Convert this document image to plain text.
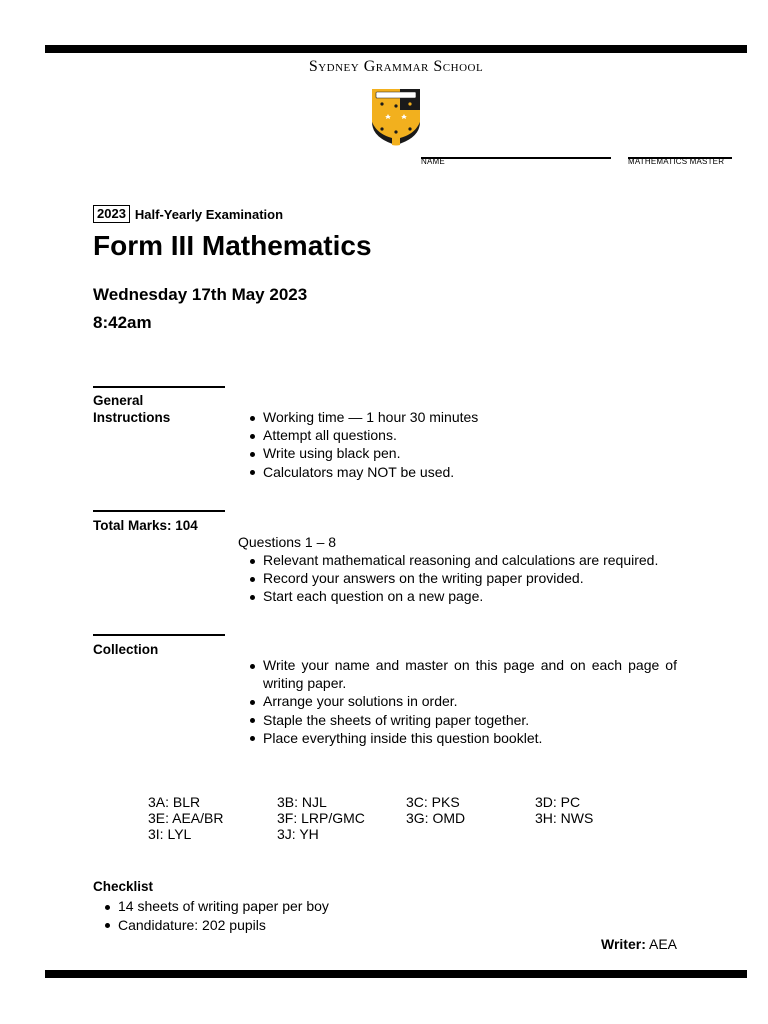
Sydney Grammar School
NAME	MATHEMATICS MASTER
2023 Half-Yearly Examination
Form III Mathematics
Wednesday 17th May 2023
8:42am
General
Instructions	Working time — 1 hour 30 minutes
Attempt all questions.
Write using black pen.
Calculators may NOT be used.
Total Marks: 104
Questions 1 – 8
Relevant mathematical reasoning and calculations are required.
Record your answers on the writing paper provided.
Start each question on a new page.
Collection
Write your name and master on this page and on each page of writing paper.
Arrange your solutions in order.
Staple the sheets of writing paper together.
Place everything inside this question booklet.
3A: BLR	3B: NJL	3C: PKS	3D: PC
3E: AEA/BR	3F: LRP/GMC	3G: OMD	3H: NWS
3I: LYL	3J: YH
Checklist
14 sheets of writing paper per boy
Candidature: 202 pupils
Writer: AEA
